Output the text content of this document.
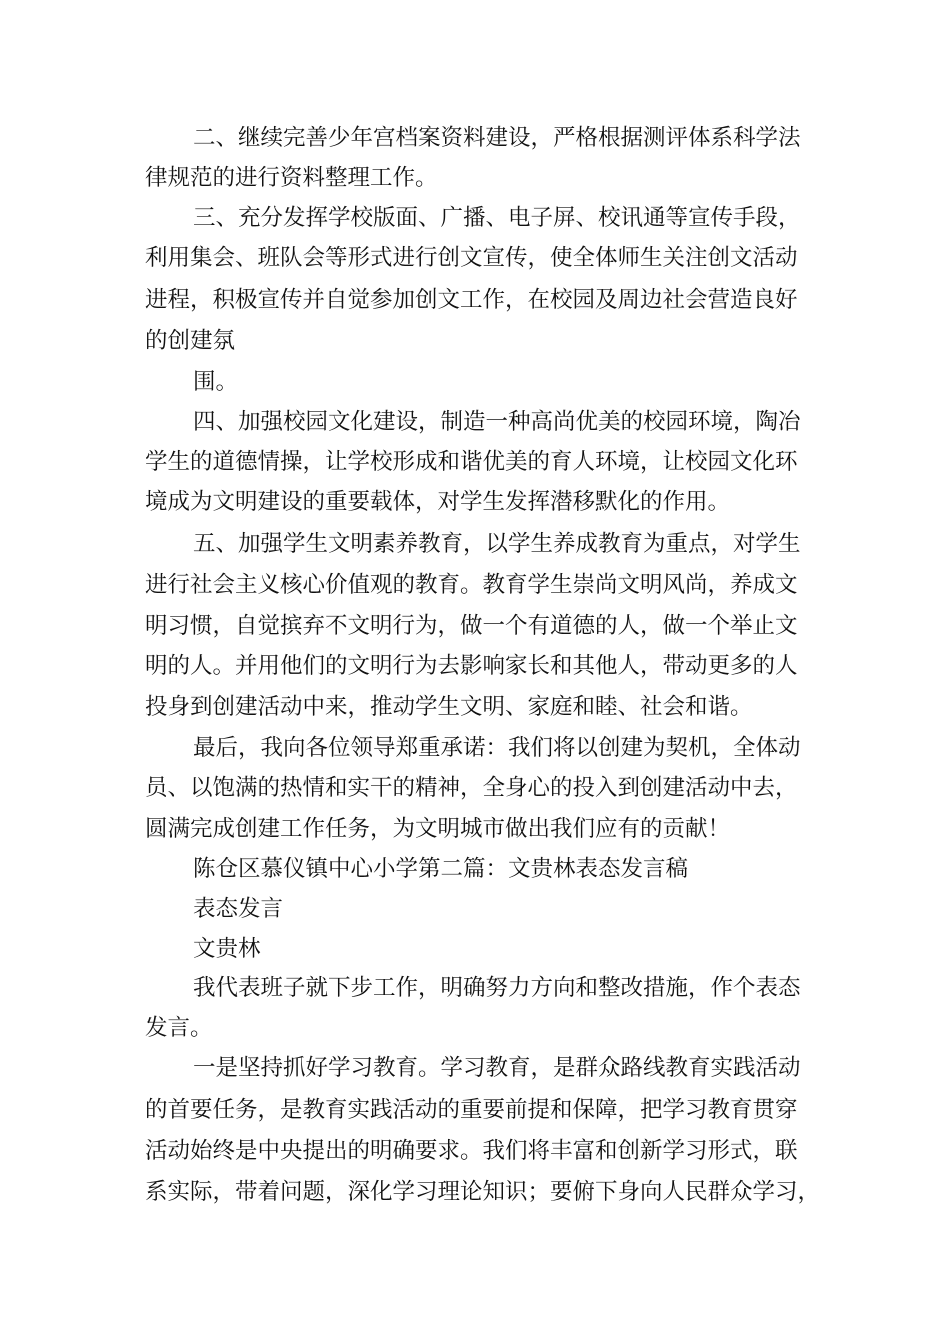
二、继续完善少年宫档案资料建设，严格根据测评体系科学法
律规范的进行资料整理工作。
三、充分发挥学校版面、广播、电子屏、校讯通等宣传手段，
利用集会、班队会等形式进行创文宣传，使全体师生关注创文活动
进程，积极宣传并自觉参加创文工作，在校园及周边社会营造良好
的创建氛
围。
四、加强校园文化建设，制造一种高尚优美的校园环境，陶冶
学生的道德情操，让学校形成和谐优美的育人环境，让校园文化环
境成为文明建设的重要载体，对学生发挥潜移默化的作用。
五、加强学生文明素养教育，以学生养成教育为重点，对学生
进行社会主义核心价值观的教育。教育学生崇尚文明风尚，养成文
明习惯，自觉摈弃不文明行为，做一个有道德的人，做一个举止文
明的人。并用他们的文明行为去影响家长和其他人，带动更多的人
投身到创建活动中来，推动学生文明、家庭和睦、社会和谐。
最后，我向各位领导郑重承诺：我们将以创建为契机，全体动
员、以饱满的热情和实干的精神，全身心的投入到创建活动中去，
圆满完成创建工作任务，为文明城市做出我们应有的贡献！
陈仓区慕仪镇中心小学第二篇：文贵林表态发言稿
表态发言
文贵林
我代表班子就下步工作，明确努力方向和整改措施，作个表态
发言。
一是坚持抓好学习教育。学习教育，是群众路线教育实践活动
的首要任务，是教育实践活动的重要前提和保障，把学习教育贯穿
活动始终是中央提出的明确要求。我们将丰富和创新学习形式，联
系实际，带着问题，深化学习理论知识；要俯下身向人民群众学习，
